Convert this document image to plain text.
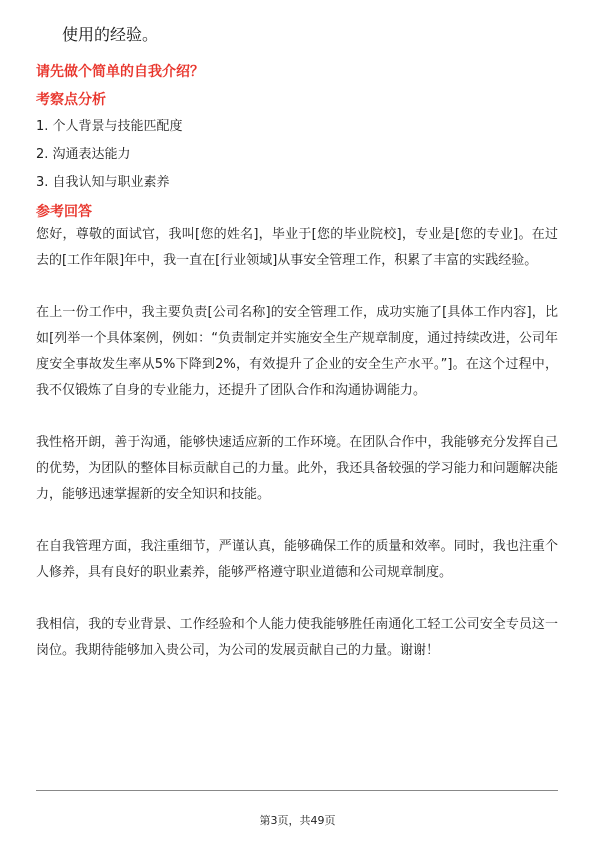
使用的经验。
请先做个简单的自我介绍？
考察点分析
1. 个人背景与技能匹配度
2. 沟通表达能力
3. 自我认知与职业素养
参考回答

您好，尊敬的面试官，我叫[您的姓名]，毕业于[您的毕业院校]，专业是[您的专业]。在过去的[工作年限]年中，我一直在[行业领域]从事安全管理工作，积累了丰富的实践经验。

在上一份工作中，我主要负责[公司名称]的安全管理工作，成功实施了[具体工作内容]，比如[列举一个具体案例，例如：“负责制定并实施安全生产规章制度，通过持续改进，公司年度安全事故发生率从5%下降到2%，有效提升了企业的安全生产水平。”]。在这个过程中，我不仅锻炼了自身的专业能力，还提升了团队合作和沟通协调能力。

我性格开朗，善于沟通，能够快速适应新的工作环境。在团队合作中，我能够充分发挥自己的优势，为团队的整体目标贡献自己的力量。此外，我还具备较强的学习能力和问题解决能力，能够迅速掌握新的安全知识和技能。

在自我管理方面，我注重细节，严谨认真，能够确保工作的质量和效率。同时，我也注重个人修养，具有良好的职业素养，能够严格遵守职业道德和公司规章制度。

我相信，我的专业背景、工作经验和个人能力使我能够胜任南通化工轻工公司安全专员这一岗位。我期待能够加入贵公司，为公司的发展贡献自己的力量。谢谢！

第3页，共49页
